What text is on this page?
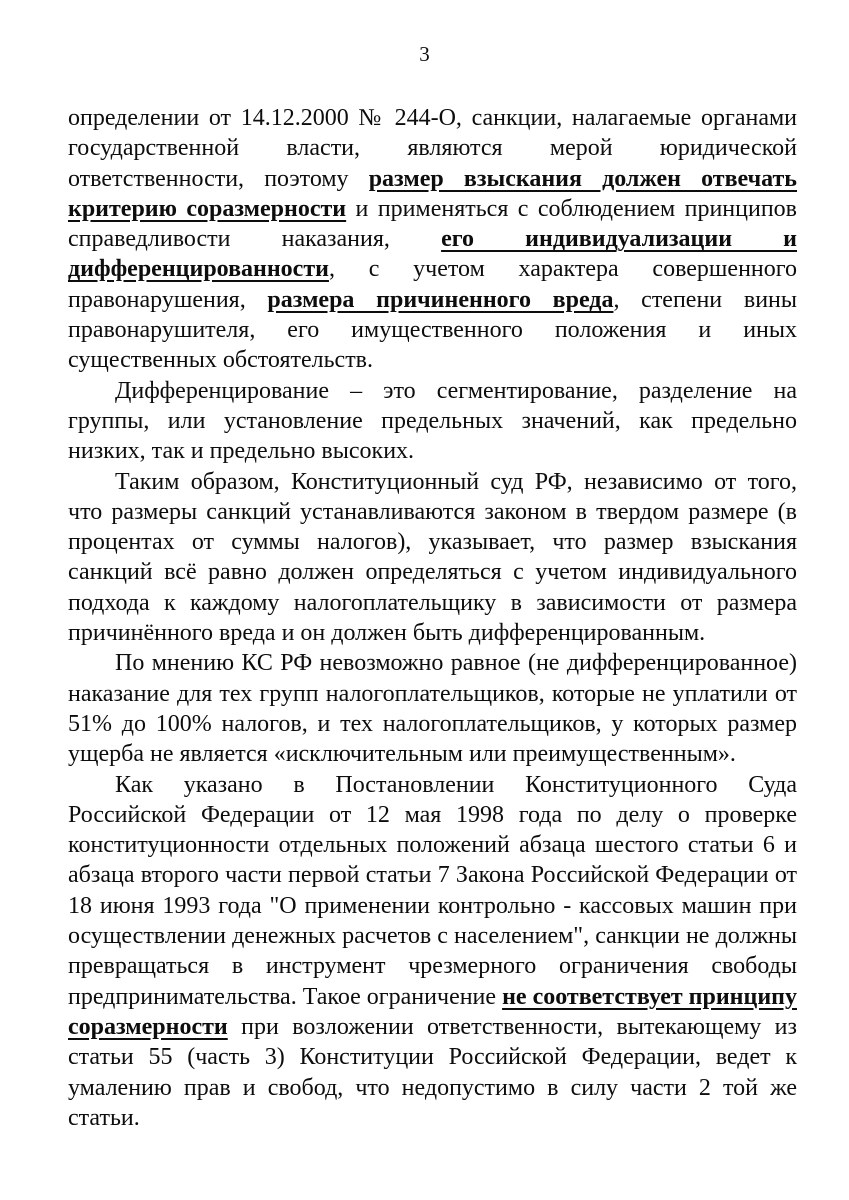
3

определении от 14.12.2000 № 244-О, санкции, налагаемые органами государственной власти, являются мерой юридической ответственности, поэтому размер взыскания должен отвечать критерию соразмерности и применяться с соблюдением принципов справедливости наказания, его индивидуализации и дифференцированности, с учетом характера совершенного правонарушения, размера причиненного вреда, степени вины правонарушителя, его имущественного положения и иных существенных обстоятельств.

Дифференцирование – это сегментирование, разделение на группы, или установление предельных значений, как предельно низких, так и предельно высоких.

Таким образом, Конституционный суд РФ, независимо от того, что размеры санкций устанавливаются законом в твердом размере (в процентах от суммы налогов), указывает, что размер взыскания санкций всё равно должен определяться с учетом индивидуального подхода к каждому налогоплательщику в зависимости от размера причинённого вреда и он должен быть дифференцированным.

По мнению КС РФ невозможно равное (не дифференцированное) наказание для тех групп налогоплательщиков, которые не уплатили от 51% до 100% налогов, и тех налогоплательщиков, у которых размер ущерба не является «исключительным или преимущественным».

Как указано в Постановлении Конституционного Суда Российской Федерации от 12 мая 1998 года по делу о проверке конституционности отдельных положений абзаца шестого статьи 6 и абзаца второго части первой статьи 7 Закона Российской Федерации от 18 июня 1993 года "О применении контрольно - кассовых машин при осуществлении денежных расчетов с населением", санкции не должны превращаться в инструмент чрезмерного ограничения свободы предпринимательства. Такое ограничение не соответствует принципу соразмерности при возложении ответственности, вытекающему из статьи 55 (часть 3) Конституции Российской Федерации, ведет к умалению прав и свобод, что недопустимо в силу части 2 той же статьи.
